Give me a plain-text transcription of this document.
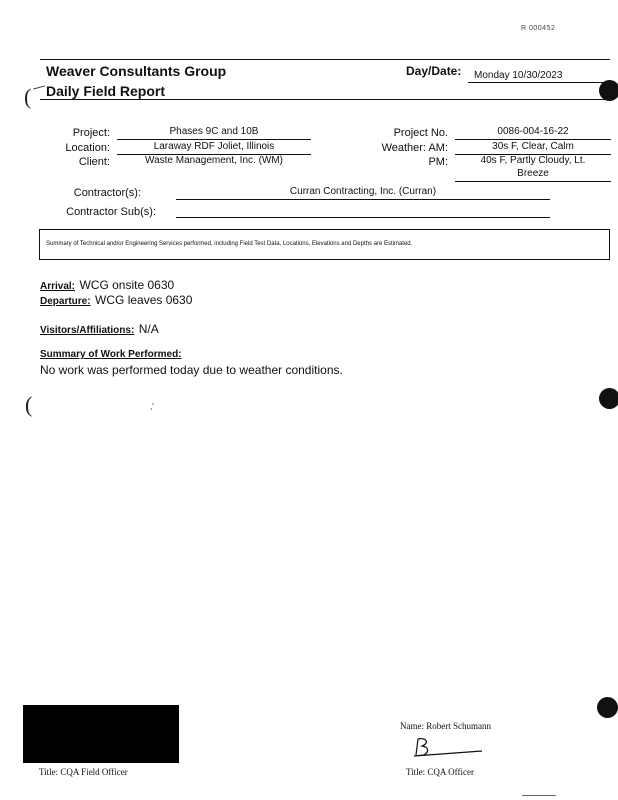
R 000452
Weaver Consultants Group
Daily Field Report
Day/Date: Monday 10/30/2023
(
Project:	Phases 9C and 10B
Location:	Laraway RDF Joliet, Illinois
Client:	Waste Management, Inc. (WM)
Project No.	0086-004-16-22
Weather: AM:	30s F, Clear, Calm
PM:	40s F, Partly Cloudy, Lt.
Breeze
Contractor(s):	Curran Contracting, Inc. (Curran)
Contractor Sub(s):
Summary of Technical and/or Engineering Services performed, including Field Test Data, Locations, Elevations and Depths are Estimated.
Arrival: WCG onsite 0630
Departure: WCG leaves 0630
Visitors/Affiliations: N/A
Summary of Work Performed:
No work was performed today due to weather conditions.
(	,'
Title: CQA Field Officer
Name: Robert Schumann
Title: CQA Officer
